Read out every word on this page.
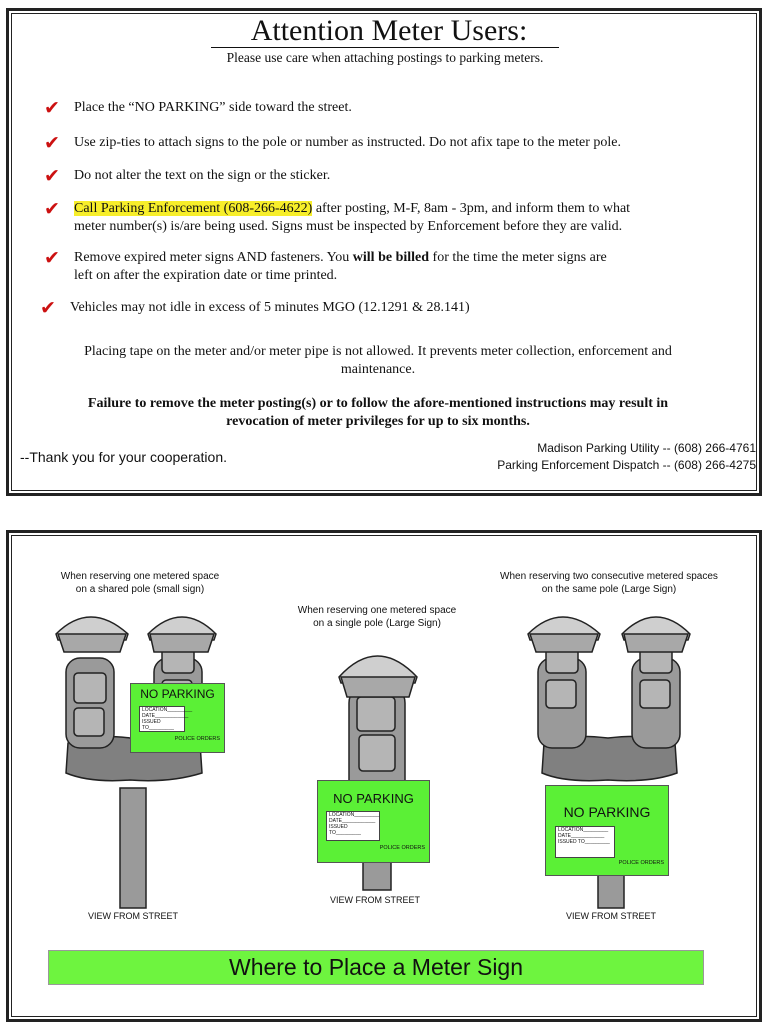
Attention Meter Users:
Please use care when attaching postings to parking meters.
✔ Place the “NO PARKING” side toward the street.
✔ Use zip-ties to attach signs to the pole or number as instructed. Do not afix tape to the meter pole.
✔ Do not alter the text on the sign or the sticker.
✔ Call Parking Enforcement (608-266-4622) after posting, M-F, 8am - 3pm, and inform them to what
meter number(s) is/are being used. Signs must be inspected by Enforcement before they are valid.
✔ Remove expired meter signs AND fasteners. You will be billed for the time the meter signs are
left on after the expiration date or time printed.
✔ Vehicles may not idle in excess of 5 minutes MGO (12.1291 & 28.141)
Placing tape on the meter and/or meter pipe is not allowed. It prevents meter collection, enforcement and
maintenance.
Failure to remove the meter posting(s) or to follow the afore-mentioned instructions may result in
revocation of meter privileges for up to six months.
--Thank you for your cooperation.
Madison Parking Utility -- (608) 266-4761
Parking Enforcement Dispatch -- (608) 266-4275
When reserving one metered space
on a shared pole (small sign)
When reserving one metered space
on a single pole (Large Sign)
When reserving two consecutive metered spaces
on the same pole (Large Sign)
NO PARKING
LOCATION_________
DATE____________
ISSUED TO_________
POLICE ORDERS
VIEW FROM STREET
NO PARKING
LOCATION_________
DATE____________
ISSUED TO_________
POLICE ORDERS
VIEW FROM STREET
NO PARKING
LOCATION_________
DATE____________
ISSUED TO_________
POLICE ORDERS
VIEW FROM STREET
Where to Place a Meter Sign
